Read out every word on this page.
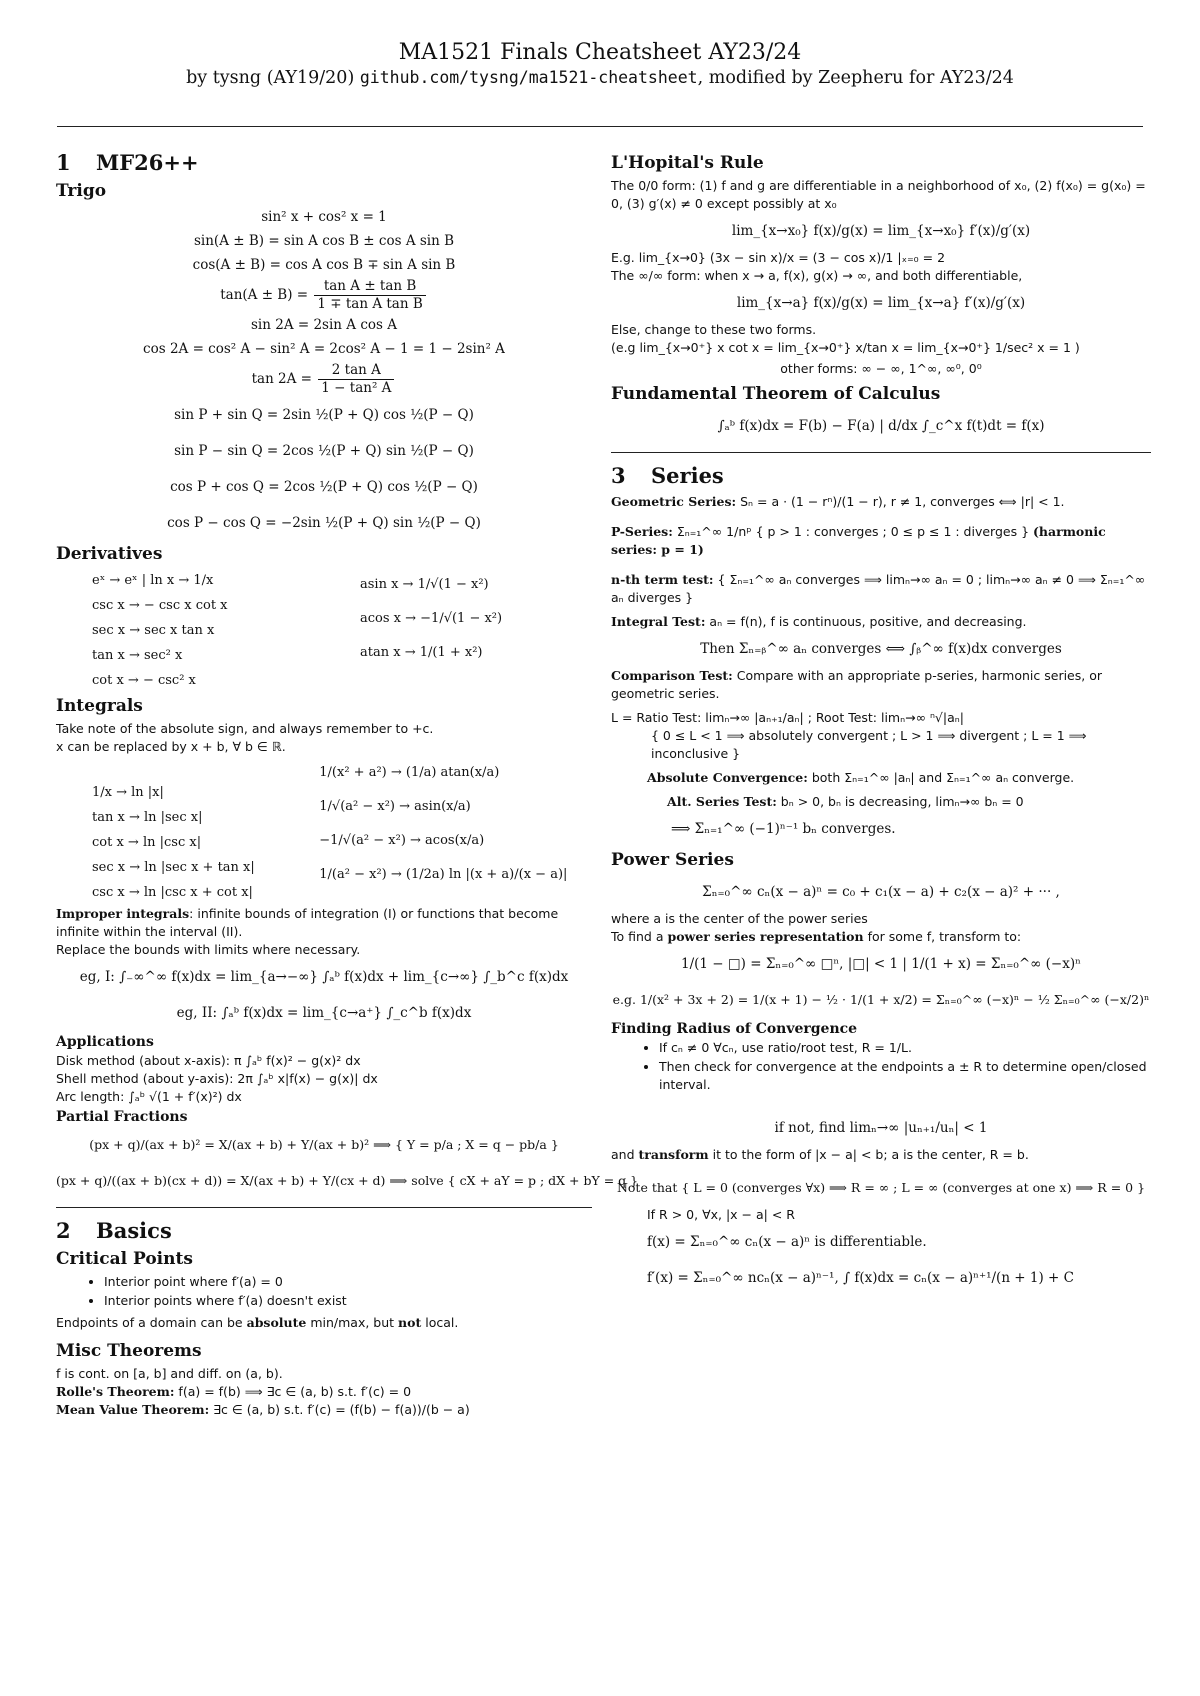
MA1521 Finals Cheatsheet AY23/24
by tysng (AY19/20) github.com/tysng/ma1521-cheatsheet, modified by Zeepheru for AY23/24
1 MF26++
Trigo
sin² x + cos² x = 1
sin(A ± B) = sin A cos B ± cos A sin B
cos(A ± B) = cos A cos B ∓ sin A sin B
$\tan(A \pm B) = \frac{\text{tan A ± tan B}}{\text{1 ∓ tan A tan B}}$
sin 2A = 2sin A cos A
cos 2A = cos² A − sin² A = 2cos² A − 1 = 1 − 2sin² A
$\tan 2A = \frac{\text{2 tan A}}{\text{1 − tan² A}}$
sin P + sin Q = 2sin ½(P + Q) cos ½(P − Q)
sin P − sin Q = 2cos ½(P + Q) sin ½(P − Q)
cos P + cos Q = 2cos ½(P + Q) cos ½(P − Q)
cos P − cos Q = −2sin ½(P + Q) sin ½(P − Q)
Derivatives
eˣ → eˣ | ln x → 1/x
csc x → − csc x cot x
sec x → sec x tan x
tan x → sec² x
cot x → − csc² x
asin x → 1/√(1 − x²)
acos x → −1/√(1 − x²)
atan x → 1/(1 + x²)
Integrals

Take note of the absolute sign, and always remember to +c.

x can be replaced by x + b, ∀ b ∈ ℝ.

1/x → ln |x|
tan x → ln |sec x|
cot x → ln |csc x|
sec x → ln |sec x + tan x|
csc x → ln |csc x + cot x|
1/(x² + a²) → (1/a) atan(x/a)
1/√(a² − x²) → asin(x/a)
−1/√(a² − x²) → acos(x/a)
1/(a² − x²) → (1/2a) ln |(x + a)/(x − a)|

Improper integrals: infinite bounds of integration (I) or functions that become infinite within the interval (II).

Replace the bounds with limits where necessary.

eg, I: ∫₋∞^∞ f(x)dx = lim_{a→−∞} ∫ₐᵇ f(x)dx + lim_{c→∞} ∫_b^c f(x)dx
eg, II: ∫ₐᵇ f(x)dx = lim_{c→a⁺} ∫_c^b f(x)dx
Applications

Disk method (about x-axis): π ∫ₐᵇ f(x)² − g(x)² dx

Shell method (about y-axis): 2π ∫ₐᵇ x|f(x) − g(x)| dx

Arc length: ∫ₐᵇ √(1 + f′(x)²) dx

Partial Fractions
(px + q)/(ax + b)² = X/(ax + b) + Y/(ax + b)² ⟹ { Y = p/a ; X = q − pb/a }
(px + q)/((ax + b)(cx + d)) = X/(ax + b) + Y/(cx + d) ⟹ solve { cX + aY = p ; dX + bY = q }
2 Basics
Critical Points
• Interior point where f′(a) = 0
• Interior points where f′(a) doesn't exist

Endpoints of a domain can be absolute min/max, but not local.

Misc Theorems

f is cont. on [a, b] and diff. on (a, b).

Rolle's Theorem: f(a) = f(b) ⟹ ∃c ∈ (a, b) s.t. f′(c) = 0

Mean Value Theorem: ∃c ∈ (a, b) s.t. f′(c) = (f(b) − f(a))/(b − a)

L'Hopital's Rule

The 0/0 form: (1) f and g are differentiable in a neighborhood of x₀, (2) f(x₀) = g(x₀) = 0, (3) g′(x) ≠ 0 except possibly at x₀

lim_{x→x₀} f(x)/g(x) = lim_{x→x₀} f′(x)/g′(x)

E.g. lim_{x→0} (3x − sin x)/x = (3 − cos x)/1 |ₓ₌₀ = 2

The ∞/∞ form: when x → a, f(x), g(x) → ∞, and both differentiable,

lim_{x→a} f(x)/g(x) = lim_{x→a} f′(x)/g′(x)

Else, change to these two forms.

(e.g lim_{x→0⁺} x cot x = lim_{x→0⁺} x/tan x = lim_{x→0⁺} 1/sec² x = 1 )

other forms: ∞ − ∞, 1^∞, ∞⁰, 0⁰
Fundamental Theorem of Calculus
∫ₐᵇ f(x)dx = F(b) − F(a) | d/dx ∫_c^x f(t)dt = f(x)
3 Series

Geometric Series: Sₙ = a · (1 − rⁿ)/(1 − r), r ≠ 1, converges ⟺ |r| < 1.

P-Series: Σₙ₌₁^∞ 1/nᵖ { p > 1 : converges ; 0 ≤ p ≤ 1 : diverges } (harmonic series: p = 1)

n-th term test: { Σₙ₌₁^∞ aₙ converges ⟹ limₙ→∞ aₙ = 0 ; limₙ→∞ aₙ ≠ 0 ⟹ Σₙ₌₁^∞ aₙ diverges }

Integral Test: aₙ = f(n), f is continuous, positive, and decreasing.

Then Σₙ₌ᵦ^∞ aₙ converges ⟺ ∫ᵦ^∞ f(x)dx converges

Comparison Test: Compare with an appropriate p-series, harmonic series, or geometric series.

L = Ratio Test: limₙ→∞ |aₙ₊₁/aₙ| ; Root Test: limₙ→∞ ⁿ√|aₙ|

{ 0 ≤ L < 1 ⟹ absolutely convergent ; L > 1 ⟹ divergent ; L = 1 ⟹ inconclusive }

Absolute Convergence: both Σₙ₌₁^∞ |aₙ| and Σₙ₌₁^∞ aₙ converge.

Alt. Series Test: bₙ > 0, bₙ is decreasing, limₙ→∞ bₙ = 0

⟹ Σₙ₌₁^∞ (−1)ⁿ⁻¹ bₙ converges.
Power Series
Σₙ₌₀^∞ cₙ(x − a)ⁿ = c₀ + c₁(x − a) + c₂(x − a)² + ··· ,

where a is the center of the power series

To find a power series representation for some f, transform to:

1/(1 − □) = Σₙ₌₀^∞ □ⁿ, |□| < 1 | 1/(1 + x) = Σₙ₌₀^∞ (−x)ⁿ
e.g. 1/(x² + 3x + 2) = 1/(x + 1) − ½ · 1/(1 + x/2) = Σₙ₌₀^∞ (−x)ⁿ − ½ Σₙ₌₀^∞ (−x/2)ⁿ
Finding Radius of Convergence
• If cₙ ≠ 0 ∀cₙ, use ratio/root test, R = 1/L.
• Then check for convergence at the endpoints a ± R to determine open/closed interval.
if not, find limₙ→∞ |uₙ₊₁/uₙ| < 1

and transform it to the form of |x − a| < b; a is the center, R = b.

Note that { L = 0 (converges ∀x) ⟹ R = ∞ ; L = ∞ (converges at one x) ⟹ R = 0 }

If R > 0, ∀x, |x − a| < R

f(x) = Σₙ₌₀^∞ cₙ(x − a)ⁿ is differentiable.
f′(x) = Σₙ₌₀^∞ ncₙ(x − a)ⁿ⁻¹, ∫ f(x)dx = cₙ(x − a)ⁿ⁺¹/(n + 1) + C
